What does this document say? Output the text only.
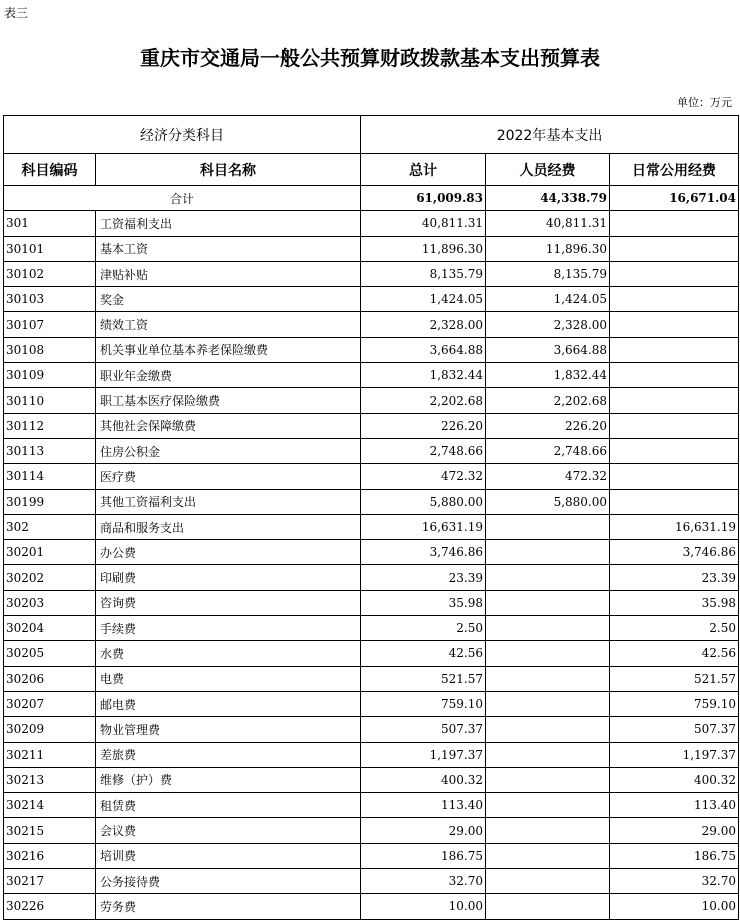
表三
重庆市交通局一般公共预算财政拨款基本支出预算表
单位：万元
经济分类科目		2022年基本支出		
科目编码	科目名称	总计	人员经费	日常公用经费
合计		61,009.83	44,338.79	16,671.04
301	工资福利支出	40,811.31	40,811.31	
30101	基本工资	11,896.30	11,896.30	
30102	津贴补贴	8,135.79	8,135.79	
30103	奖金	1,424.05	1,424.05	
30107	绩效工资	2,328.00	2,328.00	
30108	机关事业单位基本养老保险缴费	3,664.88	3,664.88	
30109	职业年金缴费	1,832.44	1,832.44	
30110	职工基本医疗保险缴费	2,202.68	2,202.68	
30112	其他社会保障缴费	226.20	226.20	
30113	住房公积金	2,748.66	2,748.66	
30114	医疗费	472.32	472.32	
30199	其他工资福利支出	5,880.00	5,880.00	
302	商品和服务支出	16,631.19		16,631.19
30201	办公费	3,746.86		3,746.86
30202	印刷费	23.39		23.39
30203	咨询费	35.98		35.98
30204	手续费	2.50		2.50
30205	水费	42.56		42.56
30206	电费	521.57		521.57
30207	邮电费	759.10		759.10
30209	物业管理费	507.37		507.37
30211	差旅费	1,197.37		1,197.37
30213	维修（护）费	400.32		400.32
30214	租赁费	113.40		113.40
30215	会议费	29.00		29.00
30216	培训费	186.75		186.75
30217	公务接待费	32.70		32.70
30226	劳务费	10.00		10.00
